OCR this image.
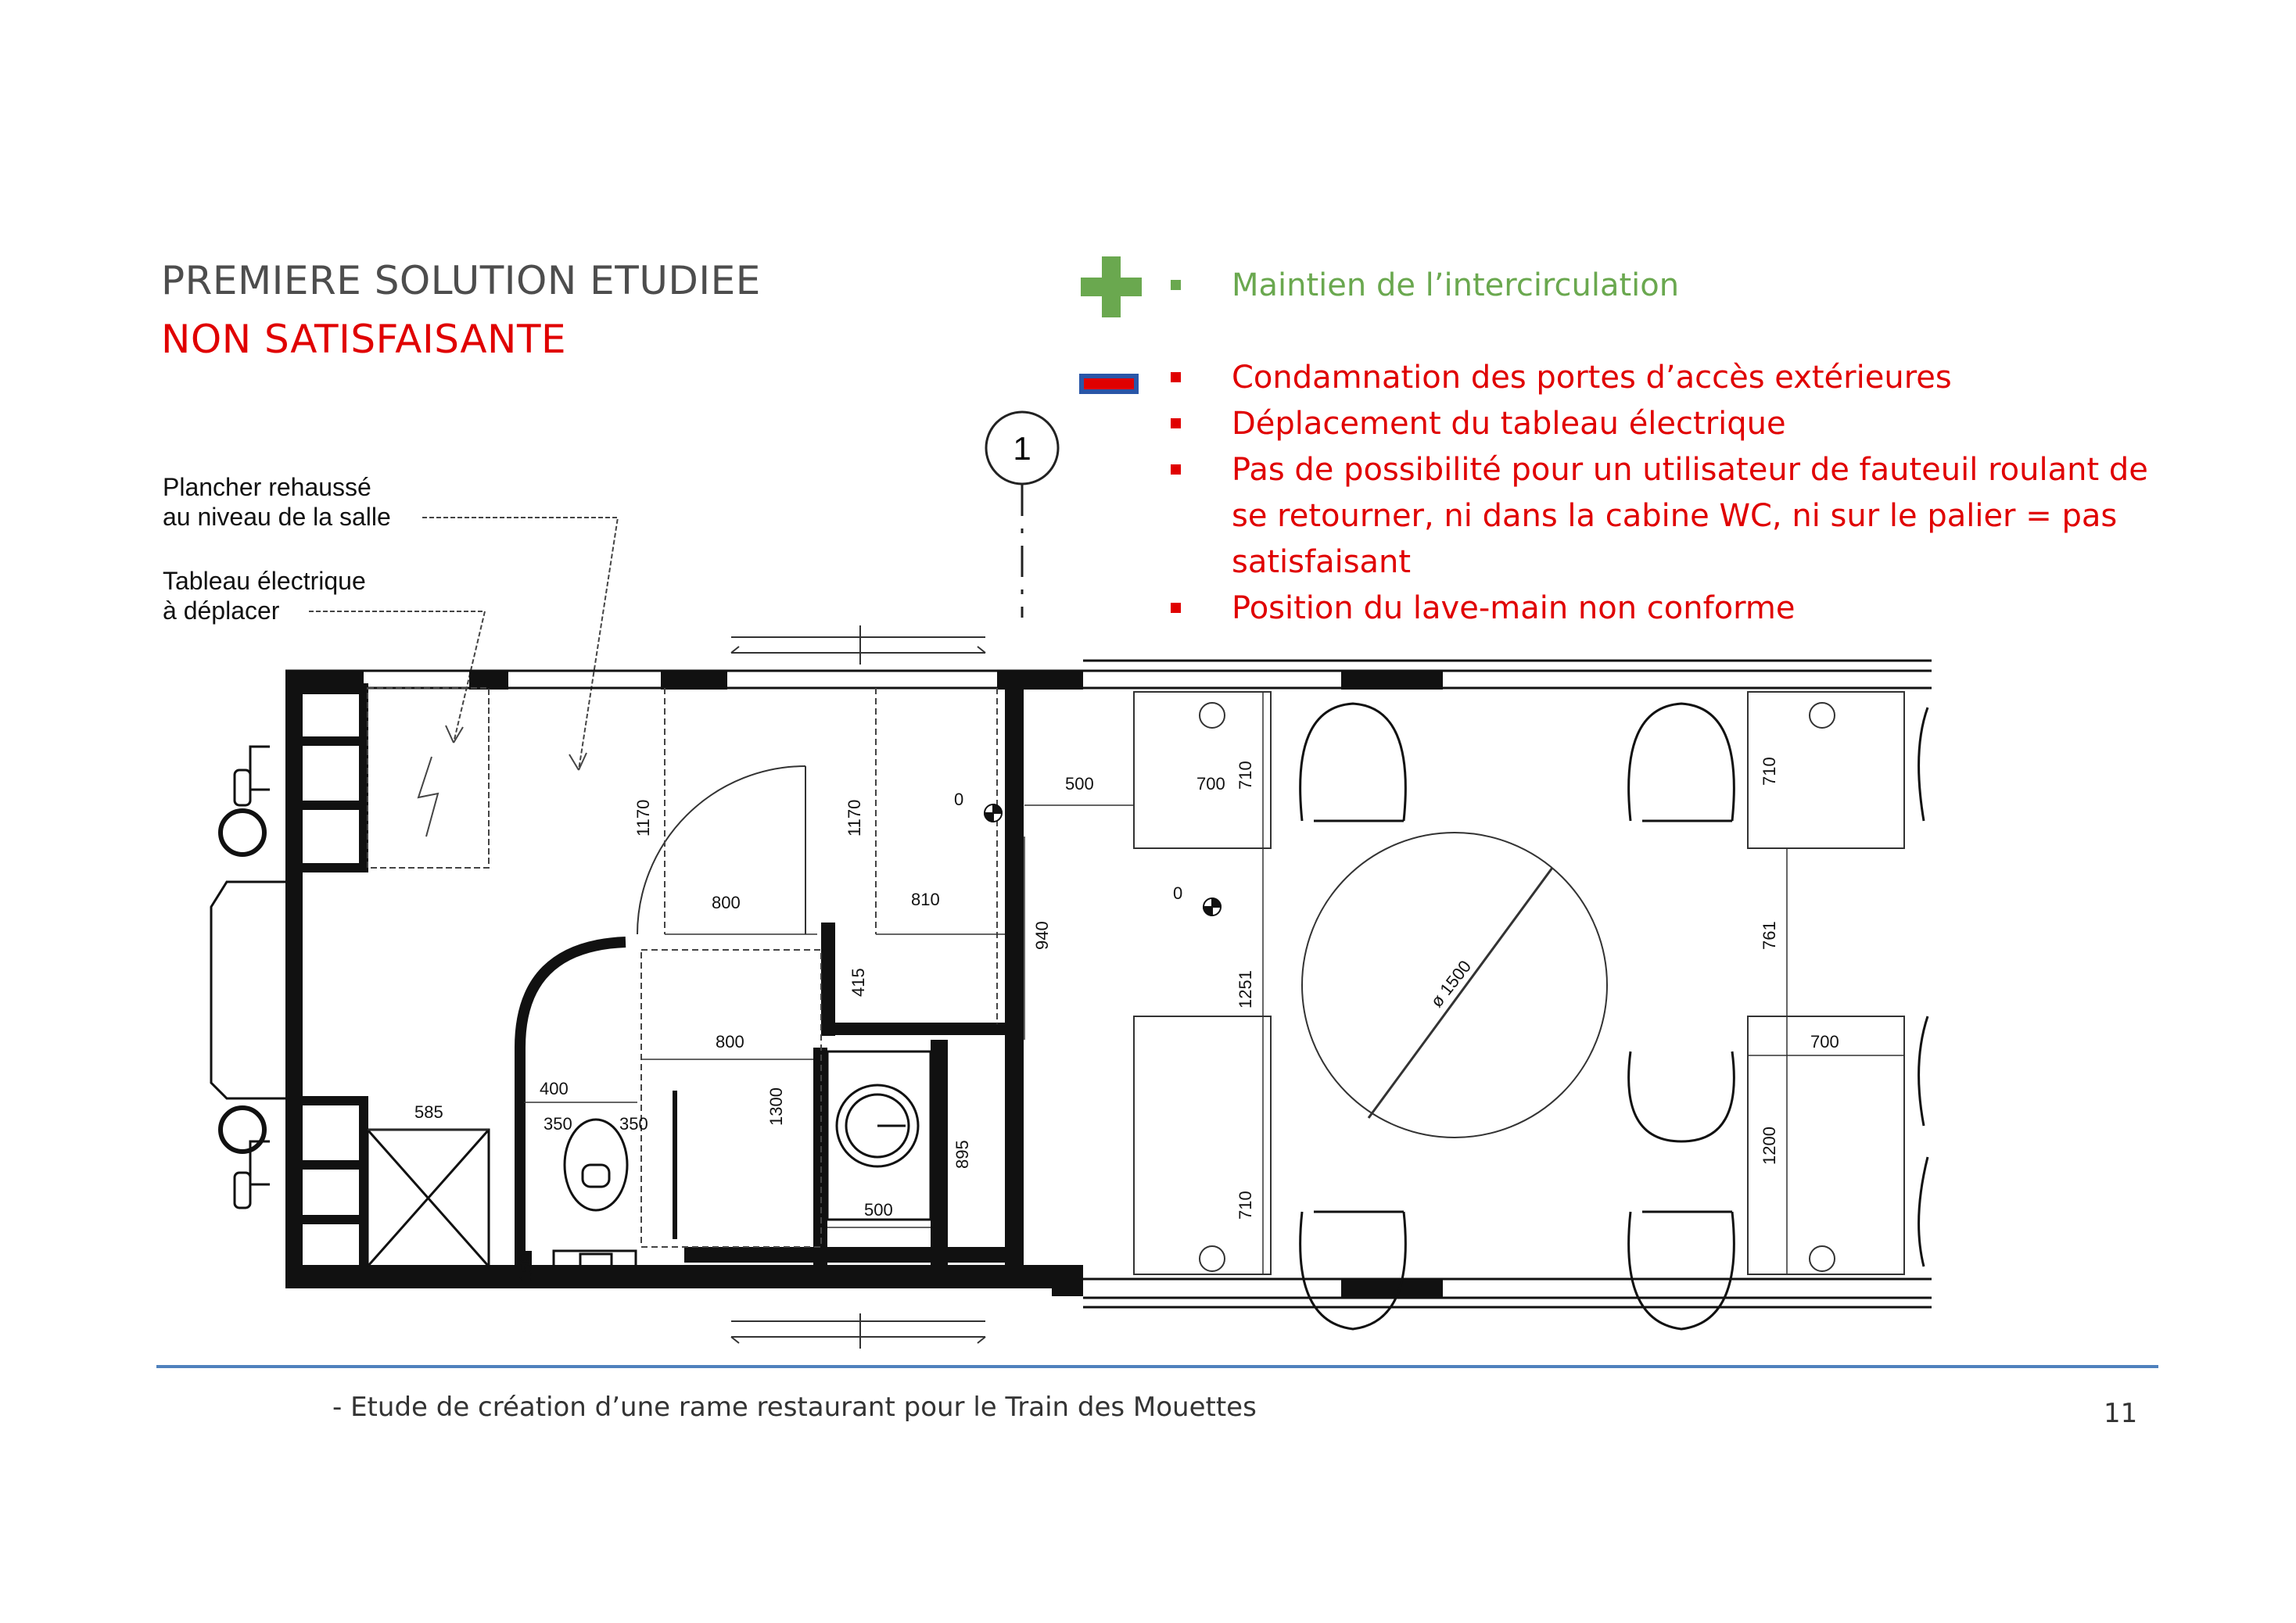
PREMIERE SOLUTION ETUDIEE
NON SATISFAISANTE
Maintien de l’intercirculation
Condamnation des portes d’accès extérieures
Déplacement du tableau électrique
Pas de possibilité pour un utilisateur de fauteuil roulant de se retourner, ni dans la cabine WC, ni sur le palier = pas satisfaisant
Position du lave-main non conforme
Plancher rehaussé
au niveau de la salle
Tableau électrique
à déplacer
1
1170	1170
0
800	810
940
415
800
585
400
350	350	1300
895
500
150
500
0
700 710
1251
710
ø 1500
710
761
700
1200
- Etude de création d’une rame restaurant pour le Train des Mouettes	11
